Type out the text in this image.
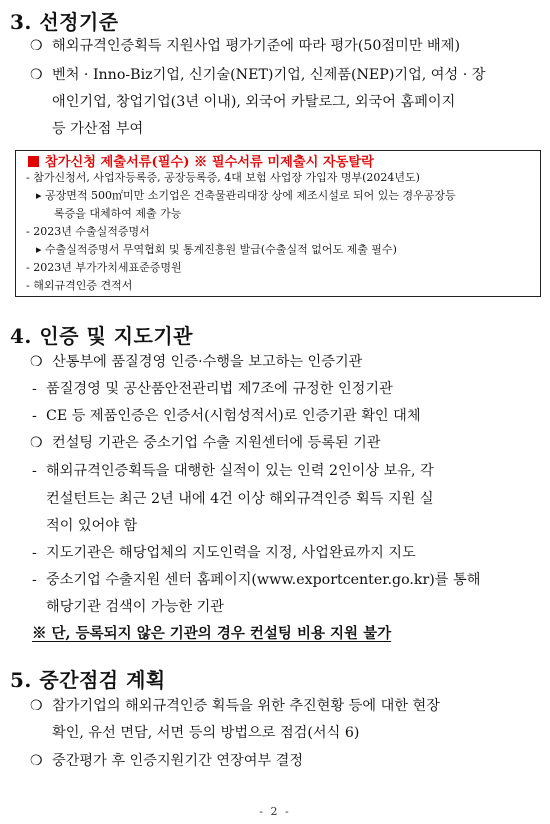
3. 선정기준
❍ 해외규격인증획득 지원사업 평가기준에 따라 평가(50점미만 배제)
❍ 벤처 · Inno-Biz기업, 신기술(NET)기업, 신제품(NEP)기업, 여성 · 장
애인기업, 창업기업(3년 이내), 외국어 카탈로그, 외국어 홈페이지
등 가산점 부여
참가신청 제출서류(필수) ※ 필수서류 미제출시 자동탈락
- 참가신청서, 사업자등록증, 공장등록증, 4대 보험 사업장 가입자 명부(2024년도)
▸ 공장면적 500㎡미만 소기업은 건축물관리대장 상에 제조시설로 되어 있는 경우공장등
록증을 대체하여 제출 가능
- 2023년 수출실적증명서
▸ 수출실적증명서 무역협회 및 통계진흥원 발급(수출실적 없어도 제출 필수)
- 2023년 부가가치세표준증명원
- 해외규격인증 견적서
4. 인증 및 지도기관
❍ 산통부에 품질경영 인증·수행을 보고하는 인증기관
- 품질경영 및 공산품안전관리법 제7조에 규정한 인정기관
- CE 등 제품인증은 인증서(시험성적서)로 인증기관 확인 대체
❍ 컨설팅 기관은 중소기업 수출 지원센터에 등록된 기관
- 해외규격인증획득을 대행한 실적이 있는 인력 2인이상 보유, 각
컨설턴트는 최근 2년 내에 4건 이상 해외규격인증 획득 지원 실
적이 있어야 함
- 지도기관은 해당업체의 지도인력을 지정, 사업완료까지 지도
- 중소기업 수출지원 센터 홈페이지(www.exportcenter.go.kr)를 통해
해당기관 검색이 가능한 기관
※ 단, 등록되지 않은 기관의 경우 컨설팅 비용 지원 불가
5. 중간점검 계획
❍ 참가기업의 해외규격인증 획득을 위한 추진현황 등에 대한 현장
확인, 유선 면담, 서면 등의 방법으로 점검(서식 6)
❍ 중간평가 후 인증지원기간 연장여부 결정
- 2 -
